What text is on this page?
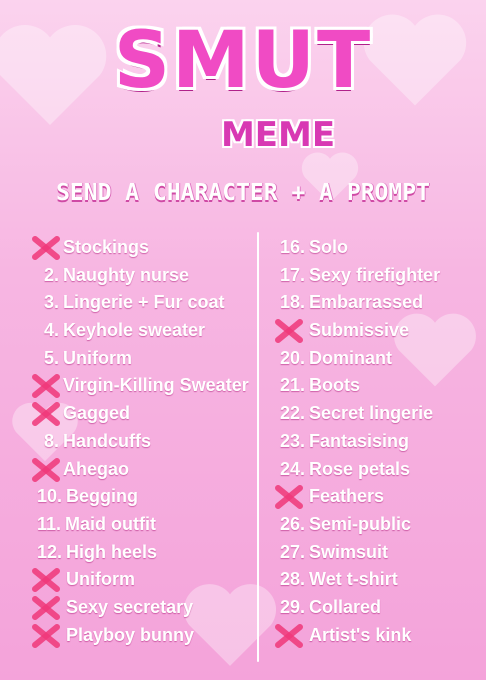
SMUT
MEME
SEND A CHARACTER + A PROMPT
Stockings
2. Naughty nurse
3. Lingerie + Fur coat
4. Keyhole sweater
5. Uniform
Virgin-Killing Sweater
Gagged
8. Handcuffs
Ahegao
10. Begging
11. Maid outfit
12. High heels
Uniform
Sexy secretary
Playboy bunny
16. Solo
17. Sexy firefighter
18. Embarrassed
Submissive
20. Dominant
21. Boots
22. Secret lingerie
23. Fantasising
24. Rose petals
Feathers
26. Semi-public
27. Swimsuit
28. Wet t-shirt
29. Collared
Artist's kink
